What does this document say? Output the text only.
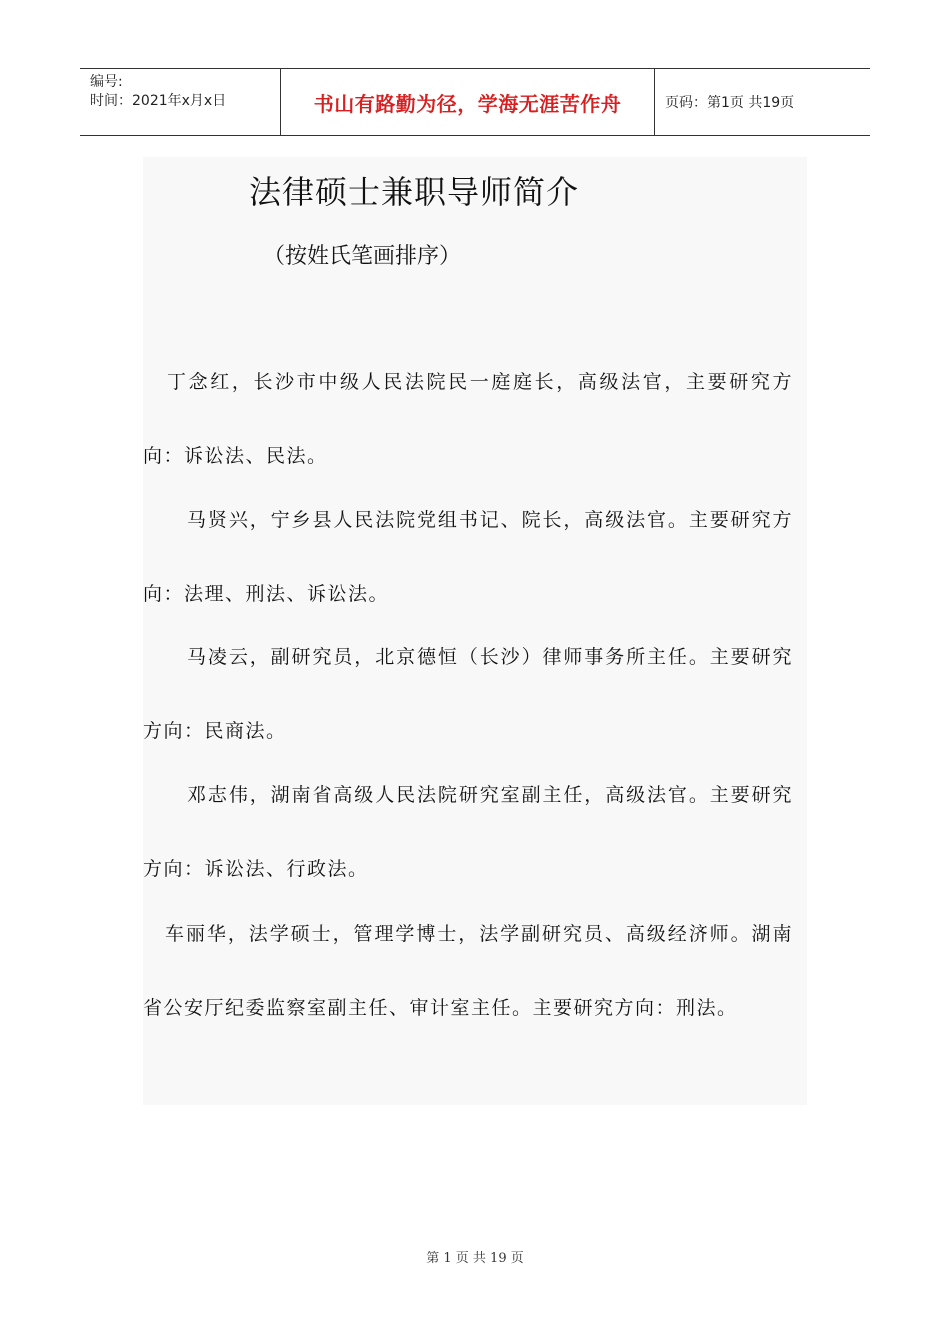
编号:
时间：2021年x月x日	书山有路勤为径，学海无涯苦作舟	页码：第1页 共19页
法律硕士兼职导师简介

（按姓氏笔画排序）

丁念红，长沙市中级人民法院民一庭庭长，高级法官，主要研究方向：诉讼法、民法。

马贤兴，宁乡县人民法院党组书记、院长，高级法官。主要研究方向：法理、刑法、诉讼法。

马凌云，副研究员，北京德恒（长沙）律师事务所主任。主要研究方向：民商法。

邓志伟，湖南省高级人民法院研究室副主任，高级法官。主要研究方向：诉讼法、行政法。

车丽华，法学硕士，管理学博士，法学副研究员、高级经济师。湖南省公安厅纪委监察室副主任、审计室主任。主要研究方向：刑法。

第 1 页 共 19 页
